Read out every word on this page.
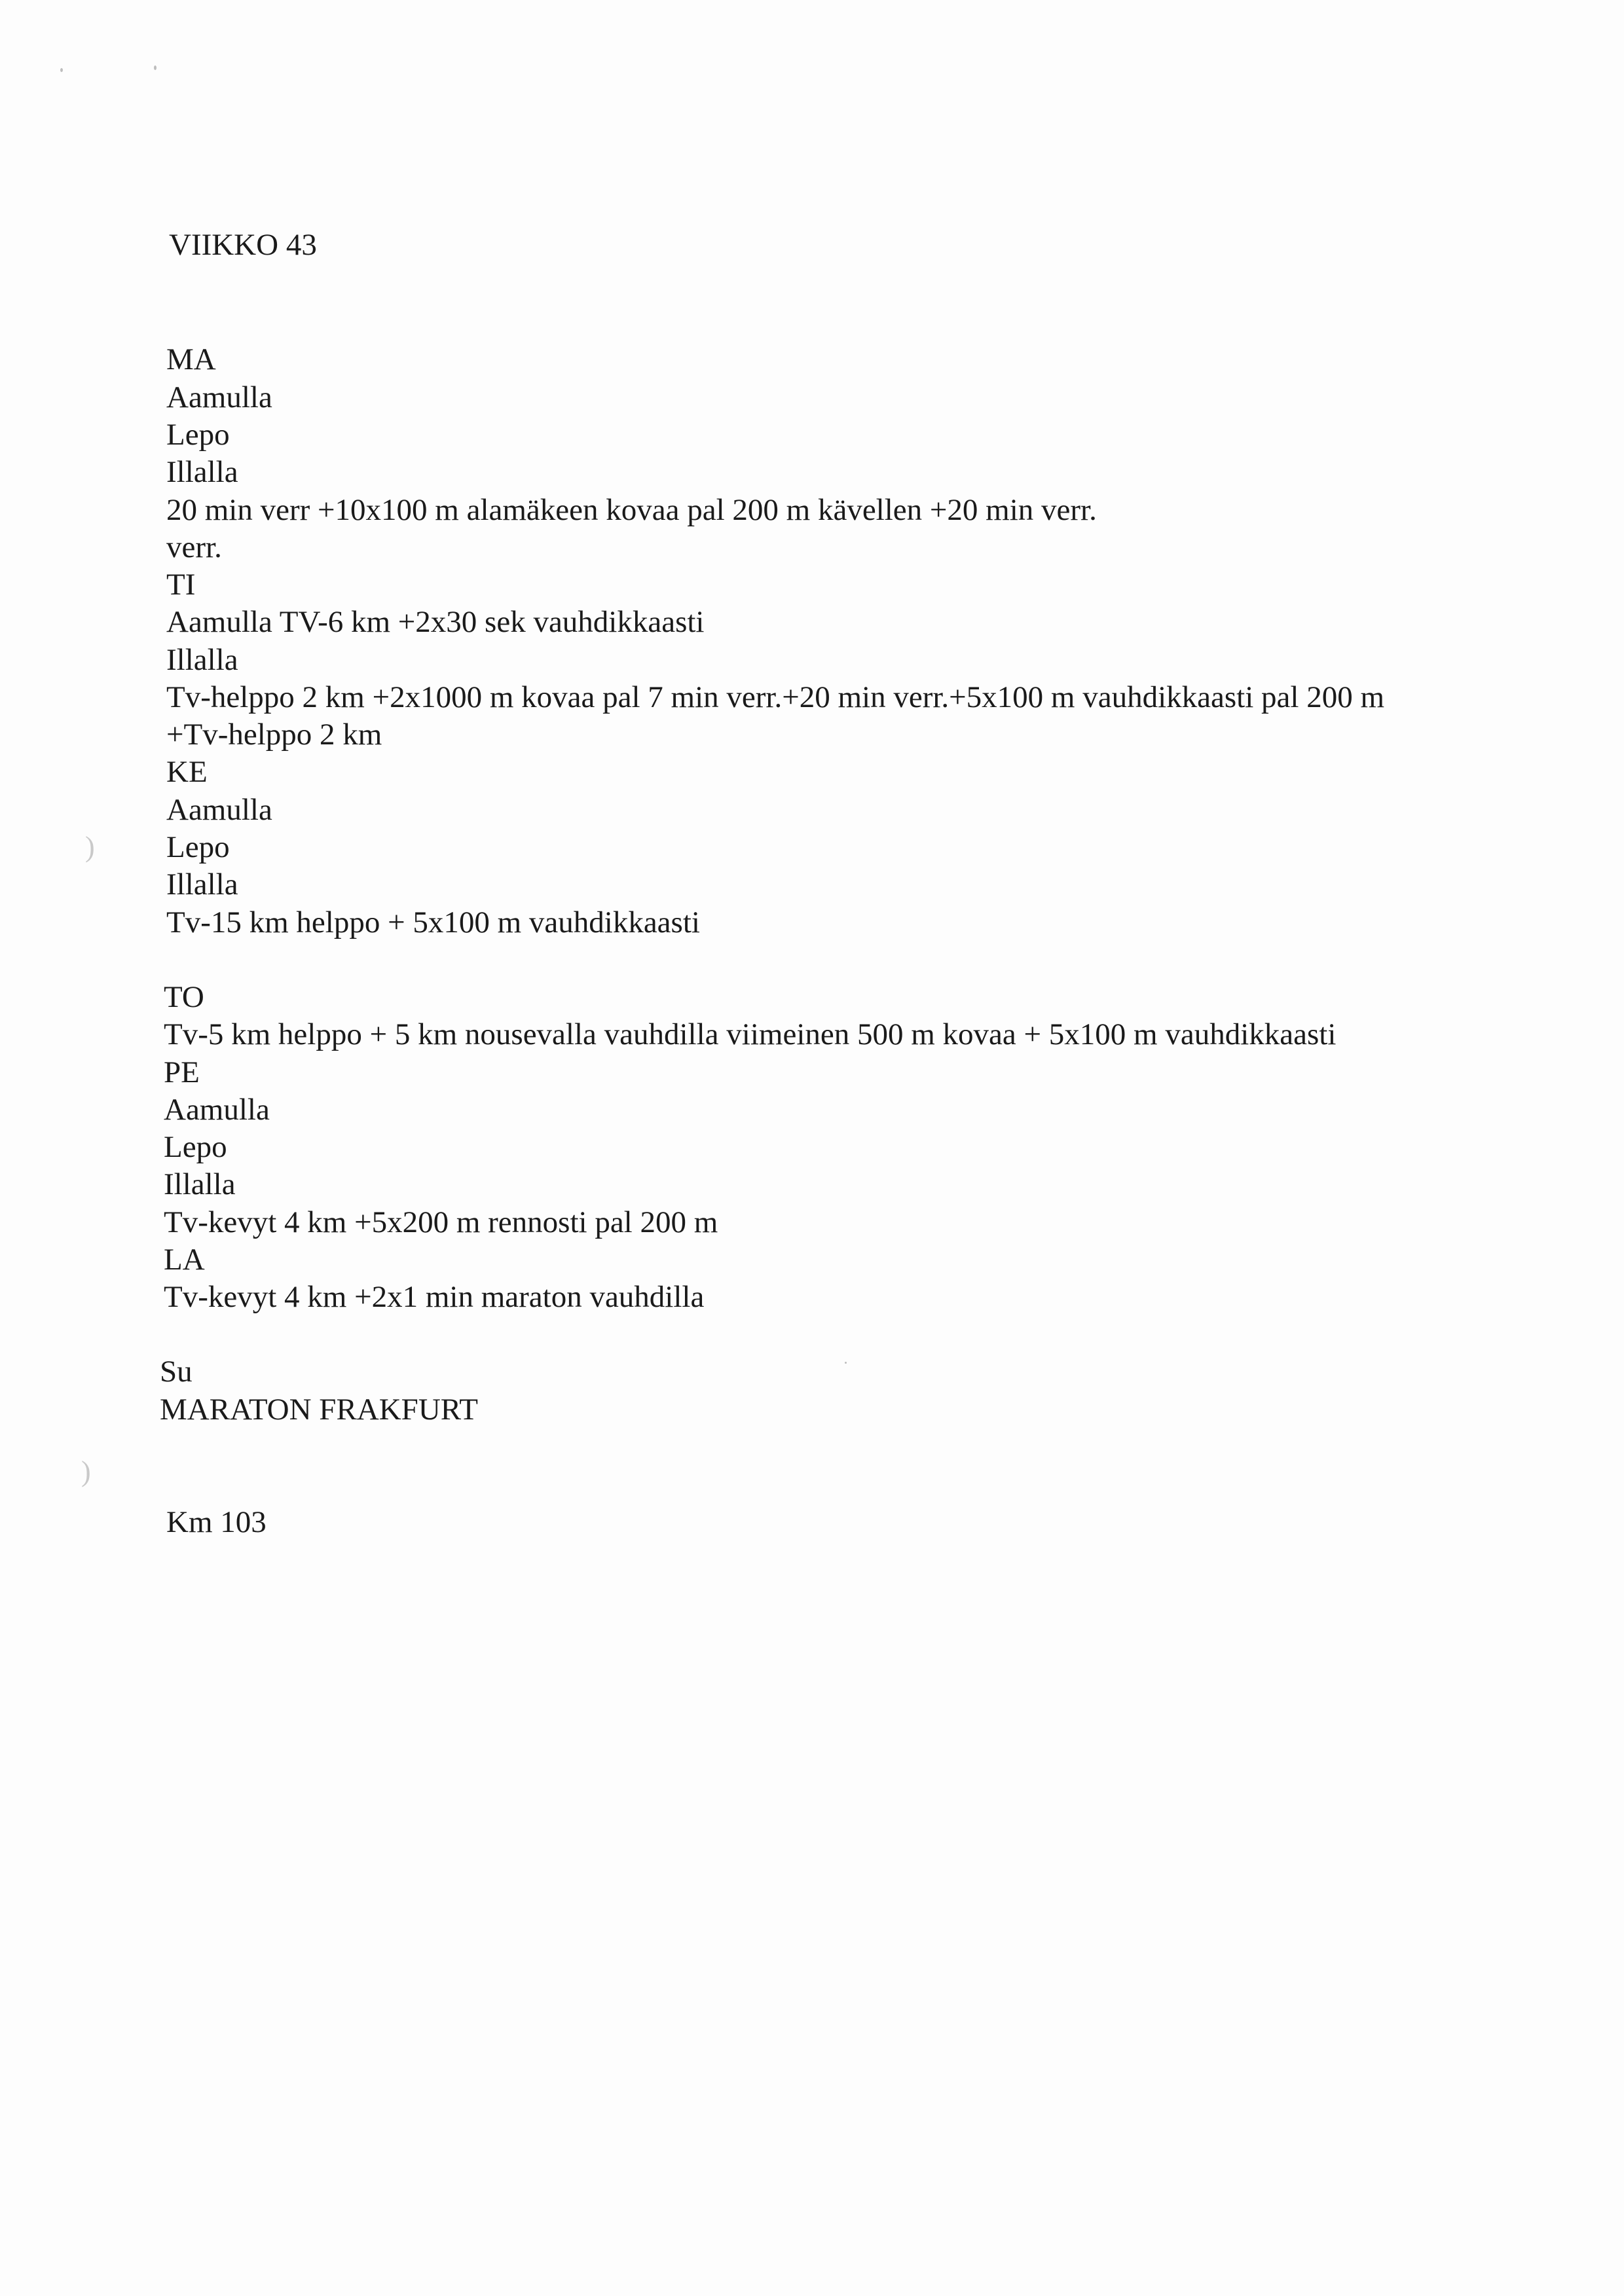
)
)
VIIKKO 43
MA
Aamulla
Lepo
Illalla
20 min verr +10x100 m alamäkeen kovaa pal 200 m kävellen +20 min verr.
verr.
TI
Aamulla TV-6 km +2x30 sek vauhdikkaasti
Illalla
Tv-helppo 2 km +2x1000 m kovaa pal 7 min verr.+20 min verr.+5x100 m vauhdikkaasti pal 200 m
+Tv-helppo 2 km
KE
Aamulla
Lepo
Illalla
Tv-15 km helppo + 5x100 m vauhdikkaasti
TO
Tv-5 km helppo + 5 km nousevalla vauhdilla viimeinen 500 m kovaa + 5x100 m vauhdikkaasti
PE
Aamulla
Lepo
Illalla
Tv-kevyt 4 km +5x200 m rennosti pal 200 m
LA
Tv-kevyt 4 km +2x1 min maraton vauhdilla
Su
MARATON FRAKFURT
Km 103
